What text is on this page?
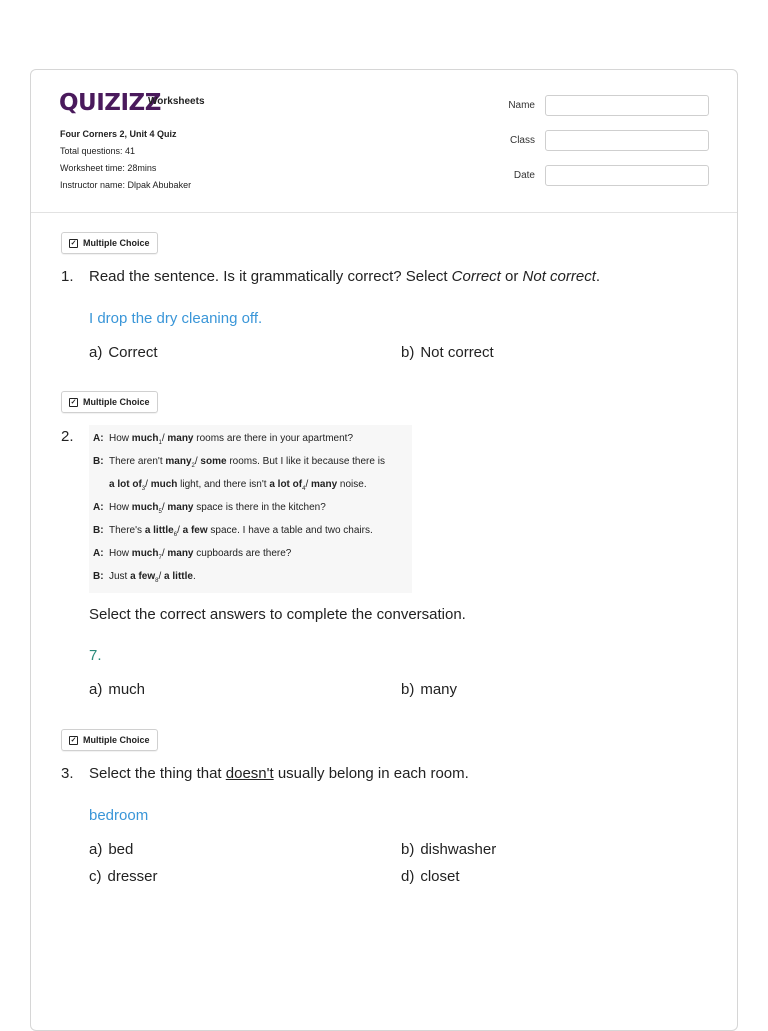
QUIZIZZ
Worksheets
Four Corners 2, Unit 4 Quiz
Total questions: 41
Worksheet time: 28mins
Instructor name: Dlpak Abubaker
Name
Class
Date
✓ Multiple Choice
1. Read the sentence. Is it grammatically correct? Select Correct or Not correct.
I drop the dry cleaning off.
a) Correct	b) Not correct
✓ Multiple Choice
2.	A: How much$_1$/ many rooms are there in your apartment?
B: There aren't many$_2$/ some rooms. But I like it because there is
a lot $of_3/$ much light, and there isn't a lot $of_4/$ many noise.
A: How much$_5$/ many space is there in the kitchen?
B: There's a little$_6$/ a few space. I have a table and two chairs.
A: How much$_7$/ many cupboards are there?
B: Just a few$_8$/ a little.
Select the correct answers to complete the conversation.
7.
a) much	b) many
✓ Multiple Choice
3. Select the thing that doesn't usually belong in each room.
bedroom
a) bed	b) dishwasher
c) dresser	d) closet
